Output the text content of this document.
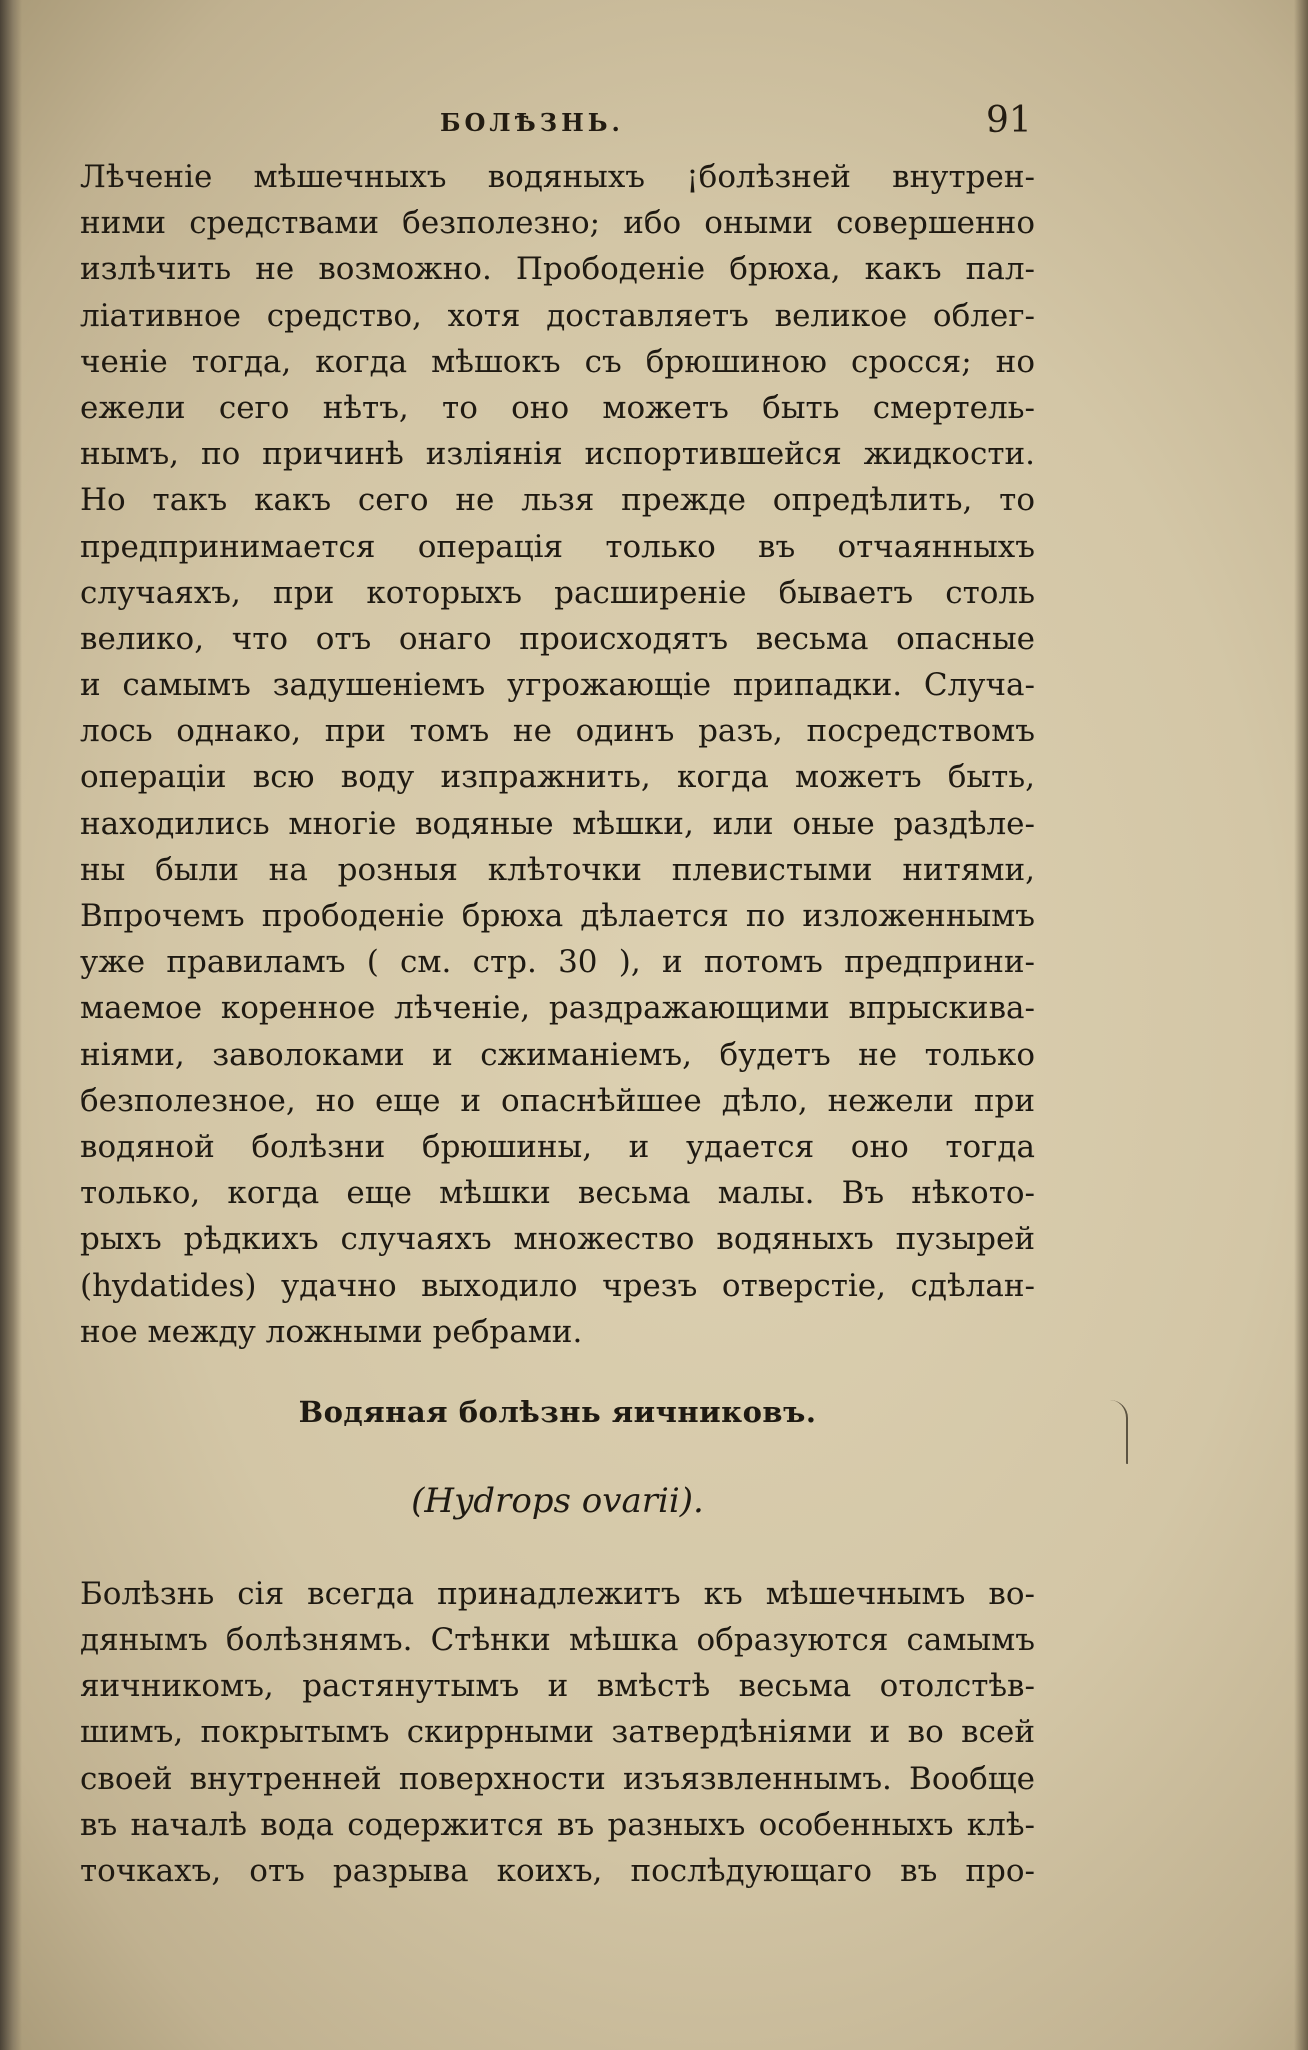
БОЛѢЗНЬ.	91
Лѣченіе мѣшечныхъ водяныхъ ¡болѣзней внутрен-
ними средствами безполезно; ибо оными совершенно
излѣчить не возможно. Прободеніе брюха, какъ пал-
ліативное средство, хотя доставляетъ великое облег-
ченіе тогда, когда мѣшокъ съ брюшиною сросся; но
ежели сего нѣтъ, то оно можетъ быть смертель-
нымъ, по причинѣ изліянія испортившейся жидкости.
Но такъ какъ сего не льзя прежде опредѣлить, то
предпринимается операція только въ отчаянныхъ
случаяхъ, при которыхъ расширеніе бываетъ столь
велико, что отъ онаго происходятъ весьма опасные
и самымъ задушеніемъ угрожающіе припадки. Случа-
лось однако, при томъ не одинъ разъ, посредствомъ
операціи всю воду изпражнить, когда можетъ быть,
находились многіе водяные мѣшки, или оные раздѣле-
ны были на розныя клѣточки плевистыми нитями,
Впрочемъ прободеніе брюха дѣлается по изложеннымъ
уже правиламъ ( см. стр. 30 ), и потомъ предприни-
маемое коренное лѣченіе, раздражающими впрыскива-
ніями, заволоками и сжиманіемъ, будетъ не только
безполезное, но еще и опаснѣйшее дѣло, нежели при
водяной болѣзни брюшины, и удается оно тогда
только, когда еще мѣшки весьма малы. Въ нѣкото-
рыхъ рѣдкихъ случаяхъ множество водяныхъ пузырей
(hydatides) удачно выходило чрезъ отверстіе, сдѣлан-
ное между ложными ребрами.
Водяная болѣзнь яичниковъ.
(Hydrops ovarii).
Болѣзнь сія всегда принадлежитъ къ мѣшечнымъ во-
дянымъ болѣзнямъ. Стѣнки мѣшка образуются самымъ
яичникомъ, растянутымъ и вмѣстѣ весьма отолстѣв-
шимъ, покрытымъ скиррными затвердѣніями и во всей
своей внутренней поверхности изъязвленнымъ. Вообще
въ началѣ вода содержится въ разныхъ особенныхъ клѣ-
точкахъ, отъ разрыва коихъ, послѣдующаго въ про-
